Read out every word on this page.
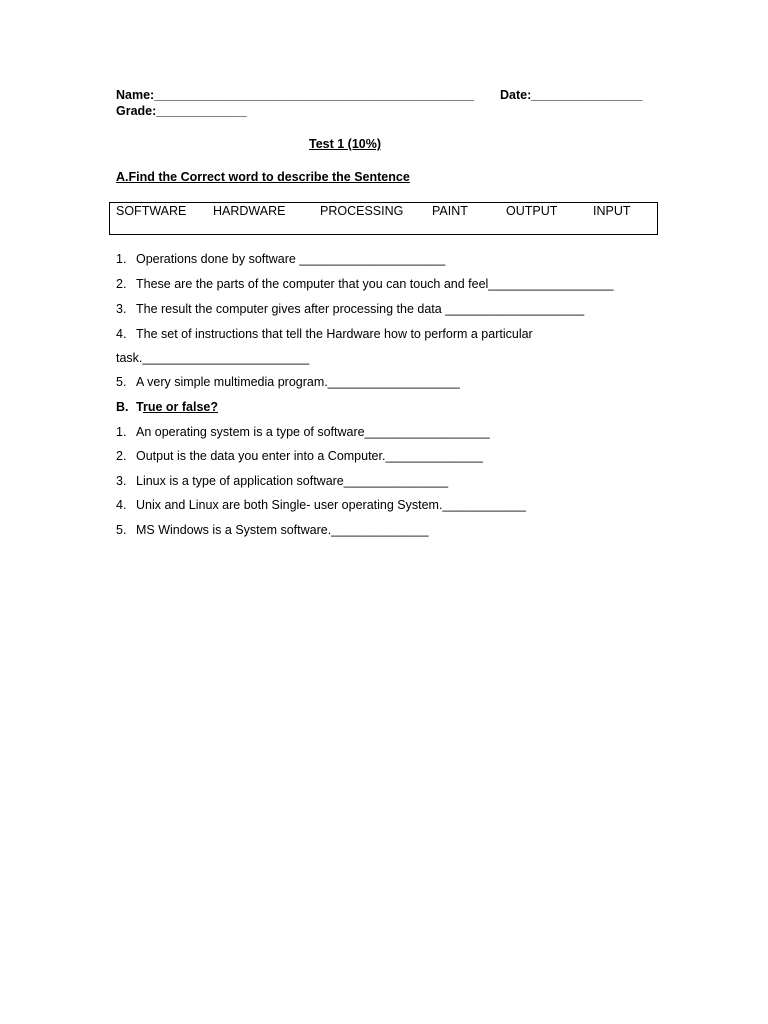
Name:______________________________________________ Date:________________
Grade:_____________
Test 1 (10%)
A.Find the Correct word to describe the Sentence
SOFTWARE HARDWARE	PROCESSING PAINT	OUTPUT	INPUT
1. Operations done by software _____________________
2. These are the parts of the computer that you can touch and feel__________________
3. The result the computer gives after processing the data ____________________
4. The set of instructions that tell the Hardware how to perform a particular
task.________________________
5. A very simple multimedia program.___________________
B. True or false?
1. An operating system is a type of software__________________
2. Output is the data you enter into a Computer.______________
3. Linux is a type of application software_______________
4. Unix and Linux are both Single- user operating System.____________
5. MS Windows is a System software.______________
